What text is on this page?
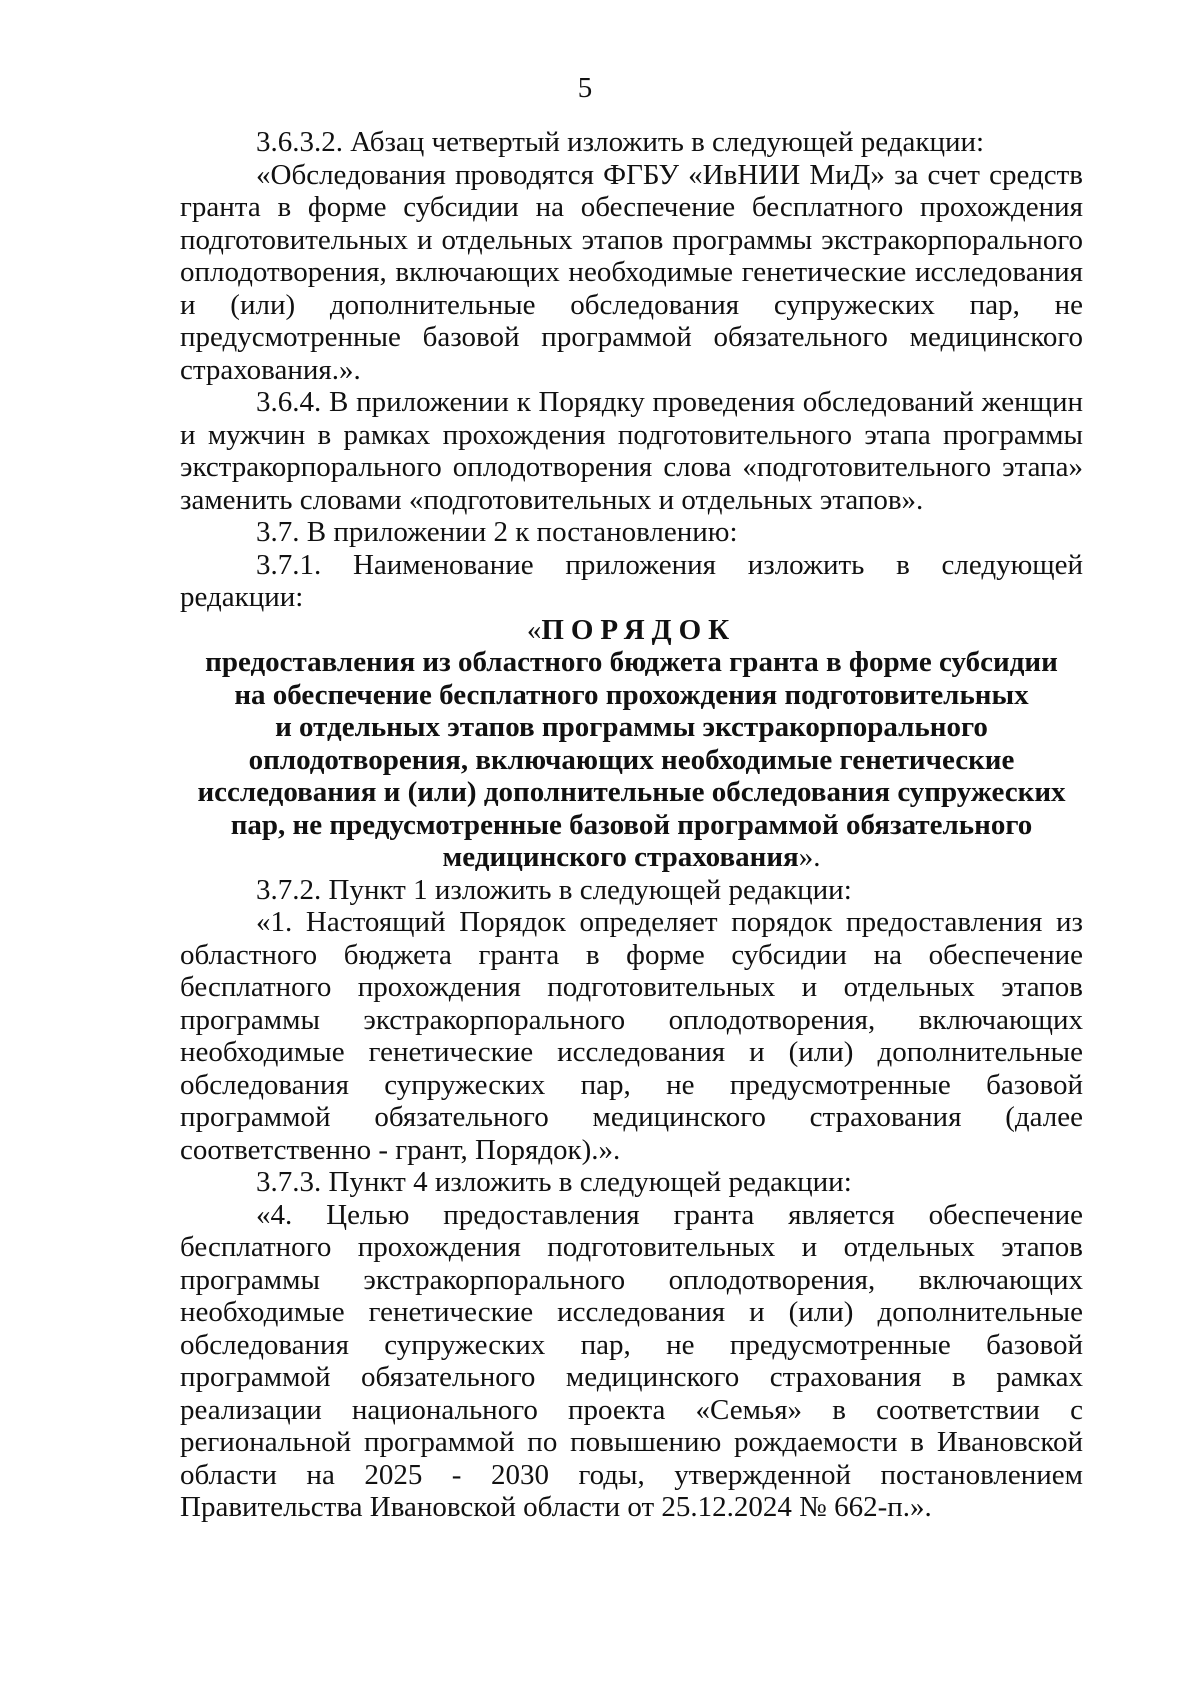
5

3.6.3.2. Абзац четвертый изложить в следующей редакции:

«Обследования проводятся ФГБУ «ИвНИИ МиД» за счет средств гранта в форме субсидии на обеспечение бесплатного прохождения подготовительных и отдельных этапов программы экстракорпорального оплодотворения, включающих необходимые генетические исследования и (или) дополнительные обследования супружеских пар, не предусмотренные базовой программой обязательного медицинского страхования.».

3.6.4. В приложении к Порядку проведения обследований женщин и мужчин в рамках прохождения подготовительного этапа программы экстракорпорального оплодотворения слова «подготовительного этапа» заменить словами «подготовительных и отдельных этапов».

3.7. В приложении 2 к постановлению:

3.7.1. Наименование приложения изложить в следующей редакции:

«ПОРЯДОК

предоставления из областного бюджета гранта в форме субсидии

на обеспечение бесплатного прохождения подготовительных

и отдельных этапов программы экстракорпорального

оплодотворения, включающих необходимые генетические

исследования и (или) дополнительные обследования супружеских

пар, не предусмотренные базовой программой обязательного

медицинского страхования».

3.7.2. Пункт 1 изложить в следующей редакции:

«1. Настоящий Порядок определяет порядок предоставления из областного бюджета гранта в форме субсидии на обеспечение бесплатного прохождения подготовительных и отдельных этапов программы экстракорпорального оплодотворения, включающих необходимые генетические исследования и (или) дополнительные обследования супружеских пар, не предусмотренные базовой программой обязательного медицинского страхования (далее соответственно - грант, Порядок).».

3.7.3. Пункт 4 изложить в следующей редакции:

«4. Целью предоставления гранта является обеспечение бесплатного прохождения подготовительных и отдельных этапов программы экстракорпорального оплодотворения, включающих необходимые генетические исследования и (или) дополнительные обследования супружеских пар, не предусмотренные базовой программой обязательного медицинского страхования в рамках реализации национального проекта «Семья» в соответствии с региональной программой по повышению рождаемости в Ивановской области на 2025 - 2030 годы, утвержденной постановлением Правительства Ивановской области от 25.12.2024 № 662-п.».
